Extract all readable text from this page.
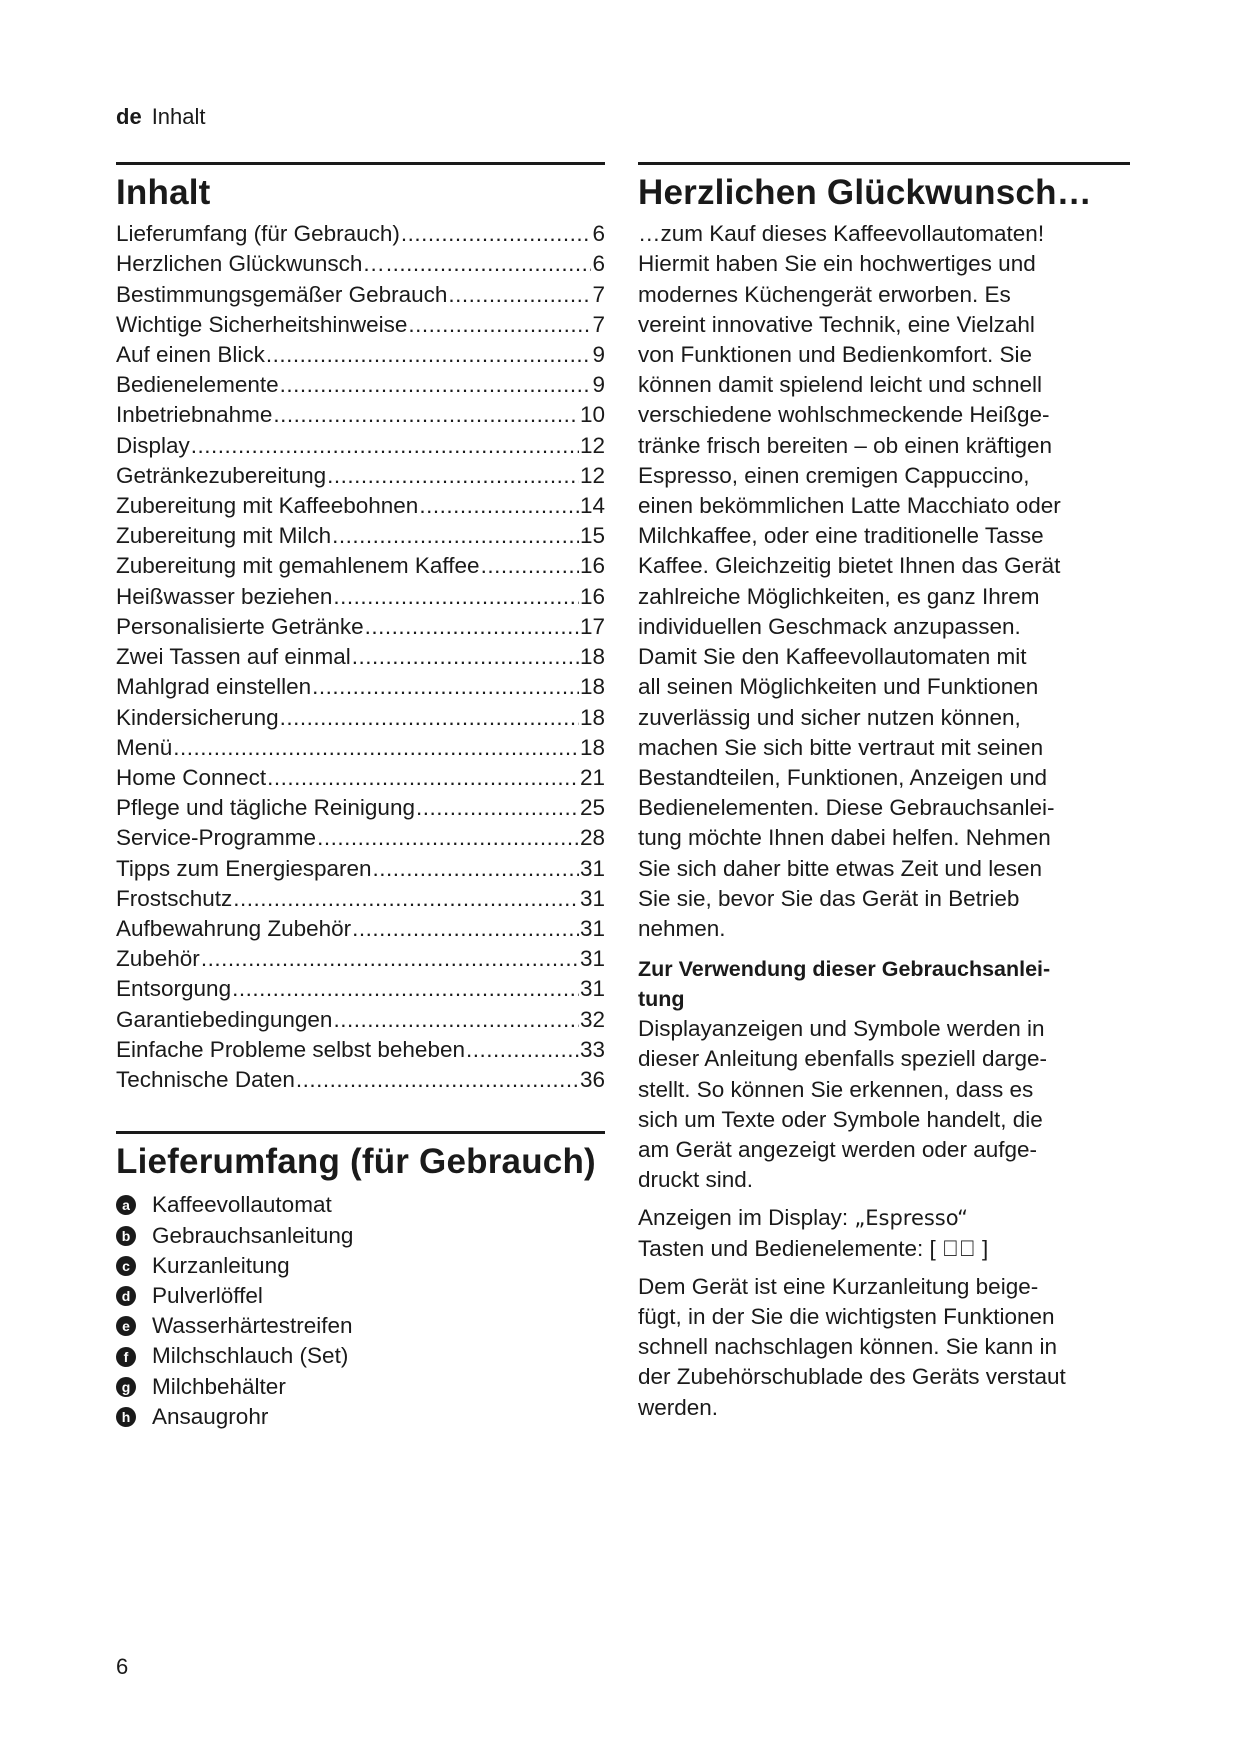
de Inhalt
Inhalt
Lieferumfang (für Gebrauch) .....	6
Herzlichen Glückwunsch… .....	6
Bestimmungsgemäßer Gebrauch .....	7
Wichtige Sicherheitshinweise .....	7
Auf einen Blick .....	9
Bedienelemente .....	9
Inbetriebnahme .....	10
Display .....	12
Getränkezubereitung .....	12
Zubereitung mit Kaffeebohnen .....	14
Zubereitung mit Milch .....	15
Zubereitung mit gemahlenem Kaffee .....	16
Heißwasser beziehen .....	16
Personalisierte Getränke .....	17
Zwei Tassen auf einmal .....	18
Mahlgrad einstellen .....	18
Kindersicherung .....	18
Menü .....	18
Home Connect .....	21
Pflege und tägliche Reinigung .....	25
Service-Programme .....	28
Tipps zum Energiesparen .....	31
Frostschutz .....	31
Aufbewahrung Zubehör .....	31
Zubehör .....	31
Entsorgung .....	31
Garantiebedingungen .....	32
Einfache Probleme selbst beheben .....	33
Technische Daten .....	36
Lieferumfang (für Gebrauch)
a Kaffeevollautomat
b Gebrauchsanleitung
c Kurzanleitung
d Pulverlöffel
e Wasserhärtestreifen
f	Milchschlauch (Set)
g Milchbehälter
h Ansaugrohr
Herzlichen Glückwunsch…

…zum Kauf dieses Kaffeevollautomaten!

Hiermit haben Sie ein hochwertiges und

modernes Küchengerät erworben. Es

vereint innovative Technik, eine Vielzahl

von Funktionen und Bedienkomfort. Sie

können damit spielend leicht und schnell

verschiedene wohlschmeckende Heißge-

tränke frisch bereiten – ob einen kräftigen

Espresso, einen cremigen Cappuccino,

einen bekömmlichen Latte Macchiato oder

Milchkaffee, oder eine traditionelle Tasse

Kaffee. Gleichzeitig bietet Ihnen das Gerät

zahlreiche Möglichkeiten, es ganz Ihrem

individuellen Geschmack anzupassen.

Damit Sie den Kaffeevollautomaten mit

all seinen Möglichkeiten und Funktionen

zuverlässig und sicher nutzen können,

machen Sie sich bitte vertraut mit seinen

Bestandteilen, Funktionen, Anzeigen und

Bedienelementen. Diese Gebrauchsanlei-

tung möchte Ihnen dabei helfen. Nehmen

Sie sich daher bitte etwas Zeit und lesen

Sie sie, bevor Sie das Gerät in Betrieb

nehmen.

Zur Verwendung dieser Gebrauchsanlei-
tung

Displayanzeigen und Symbole werden in

dieser Anleitung ebenfalls speziell darge-

stellt. So können Sie erkennen, dass es

sich um Texte oder Symbole handelt, die

am Gerät angezeigt werden oder aufge-

druckt sind.

Anzeigen im Display: „Espresso“

Tasten und Bedienelemente: [ ▷⃞ ]

Dem Gerät ist eine Kurzanleitung beige-

fügt, in der Sie die wichtigsten Funktionen

schnell nachschlagen können. Sie kann in

der Zubehörschublade des Geräts verstaut

werden.

6
